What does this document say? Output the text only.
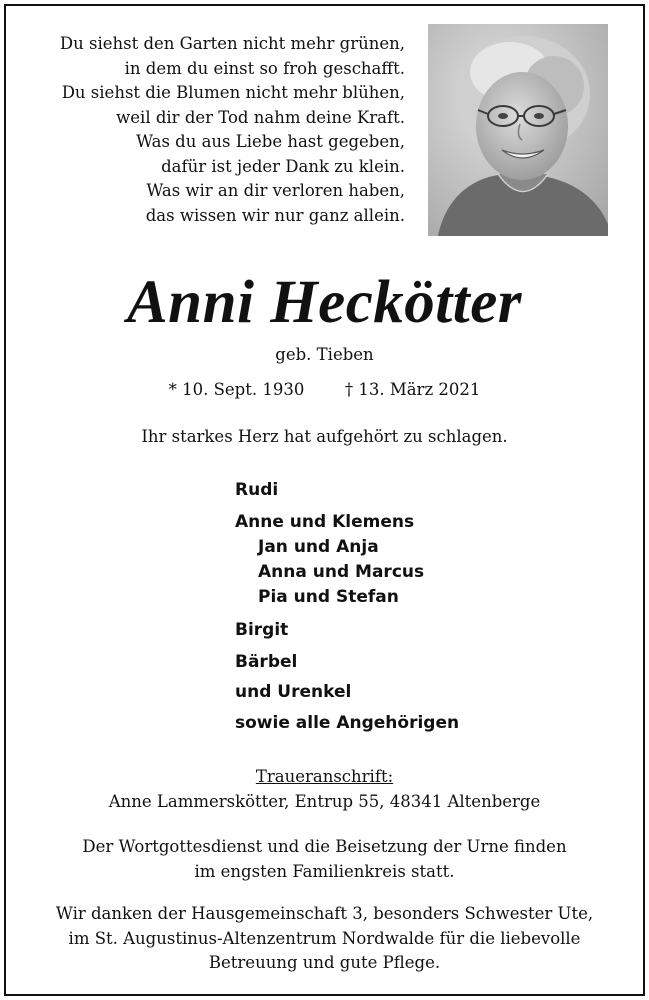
Du siehst den Garten nicht mehr grünen,
in dem du einst so froh geschafft.
Du siehst die Blumen nicht mehr blühen,
weil dir der Tod nahm deine Kraft.
Was du aus Liebe hast gegeben,
dafür ist jeder Dank zu klein.
Was wir an dir verloren haben,
das wissen wir nur ganz allein.
Anni Heckötter
geb. Tieben
* 10. Sept. 1930 † 13. März 2021
Ihr starkes Herz hat aufgehört zu schlagen.
Rudi
Anne und Klemens
Jan und Anja
Anna und Marcus
Pia und Stefan
Birgit
Bärbel
und Urenkel
sowie alle Angehörigen
Traueranschrift:
Anne Lammerskötter, Entrup 55, 48341 Altenberge
Der Wortgottesdienst und die Beisetzung der Urne finden
im engsten Familienkreis statt.
Wir danken der Hausgemeinschaft 3, besonders Schwester Ute,
im St. Augustinus-Altenzentrum Nordwalde für die liebevolle
Betreuung und gute Pflege.
